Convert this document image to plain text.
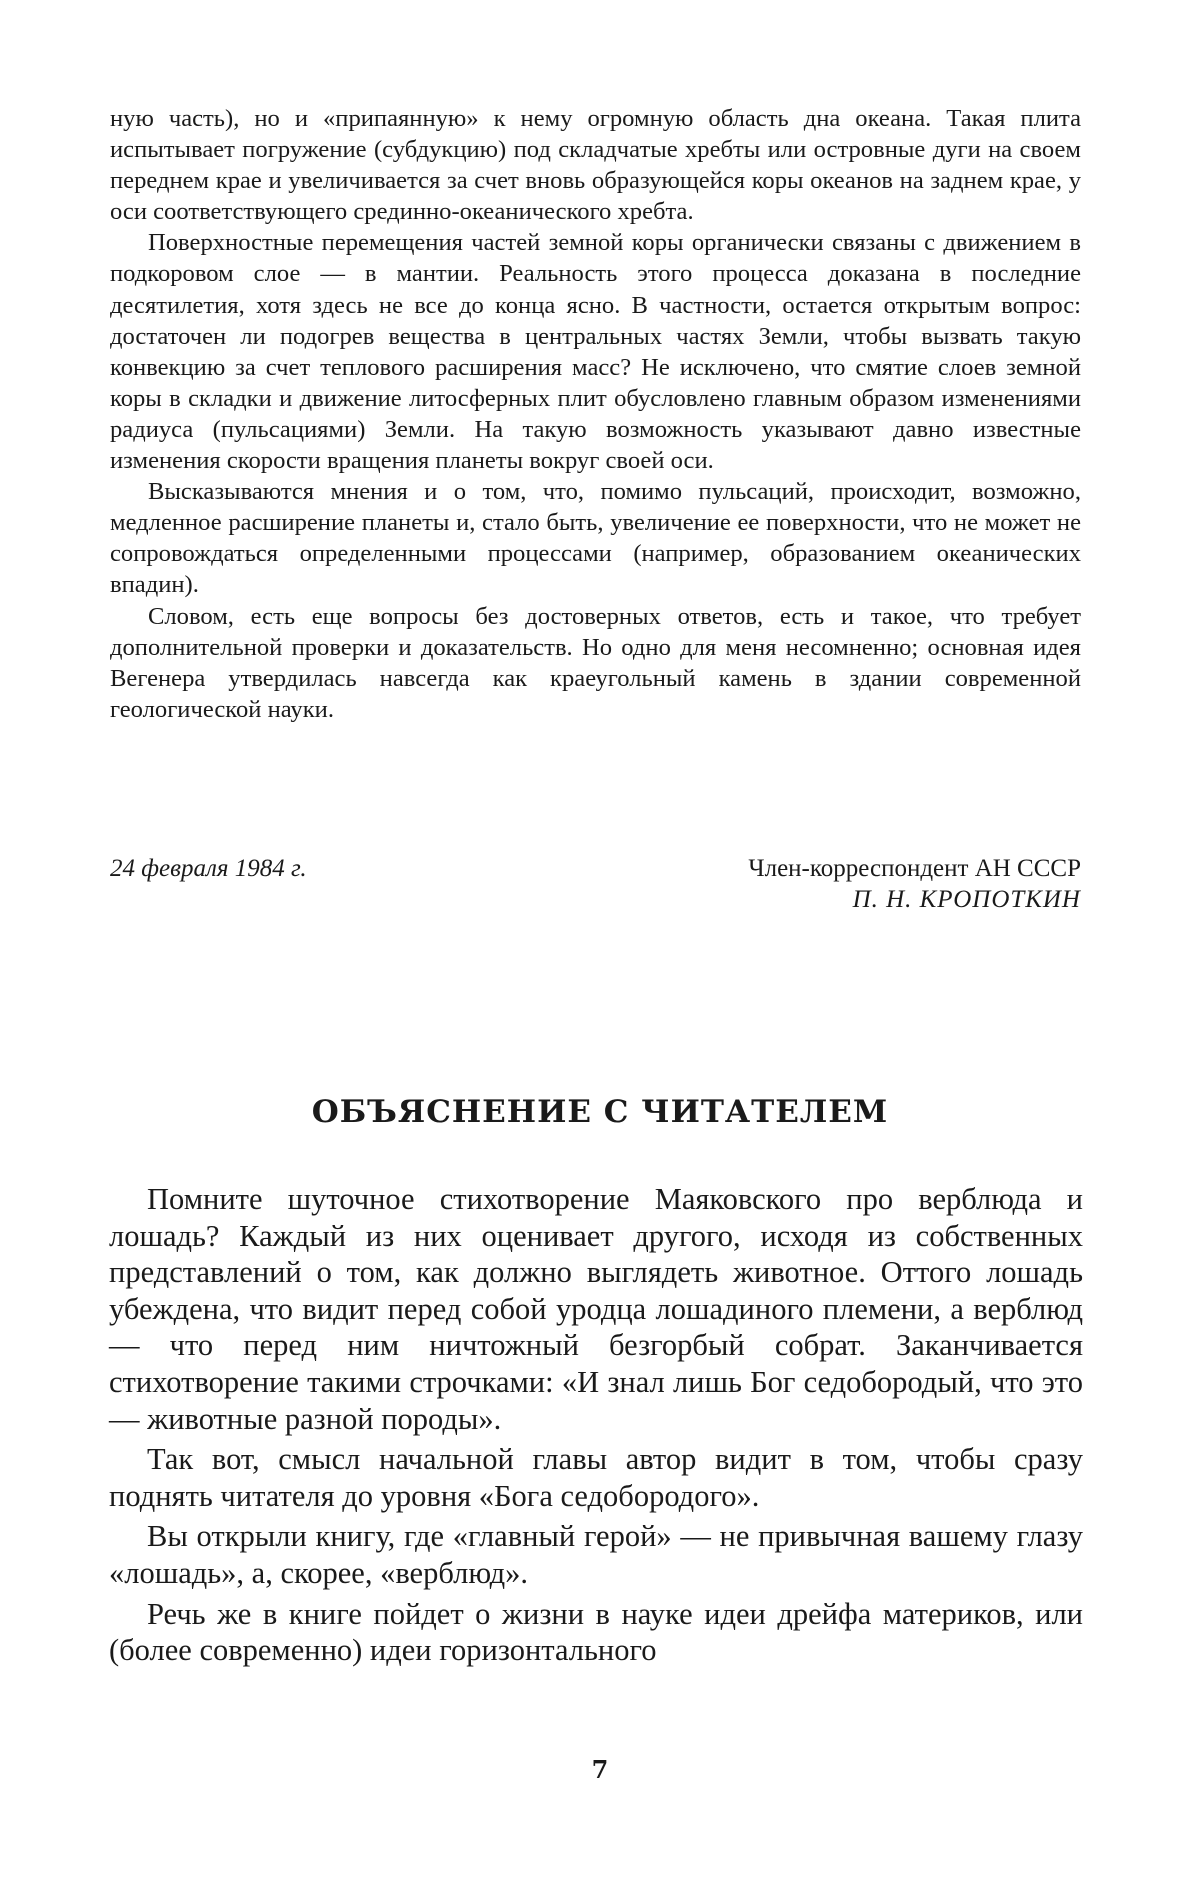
ную часть), но и «припаянную» к нему огромную область дна океана. Такая плита испытывает погружение (субдукцию) под складчатые хребты или островные дуги на своем переднем крае и увеличивается за счет вновь образующейся коры океанов на заднем крае, у оси соответствующего срединно-океанического хребта.

Поверхностные перемещения частей земной коры органически связаны с движением в подкоровом слое — в мантии. Реальность этого процесса доказана в последние десятилетия, хотя здесь не все до конца ясно. В частности, остается открытым вопрос: достаточен ли подогрев вещества в центральных частях Земли, чтобы вызвать такую конвекцию за счет теплового расширения масс? Не исключено, что смятие слоев земной коры в складки и движение литосферных плит обусловлено главным образом изменениями радиуса (пульсациями) Земли. На такую возможность указывают давно известные изменения скорости вращения планеты вокруг своей оси.

Высказываются мнения и о том, что, помимо пульсаций, происходит, возможно, медленное расширение планеты и, стало быть, увеличение ее поверхности, что не может не сопровождаться определенными процессами (например, образованием океанических впадин).

Словом, есть еще вопросы без достоверных ответов, есть и такое, что требует дополнительной проверки и доказательств. Но одно для меня несомненно; основная идея Вегенера утвердилась навсегда как краеугольный камень в здании современной геологической науки.

24 февраля 1984 г.	Член-корреспондент АН СССР
П. Н. КРОПОТКИН
ОБЪЯСНЕНИЕ С ЧИТАТЕЛЕМ

Помните шуточное стихотворение Маяковского про верблюда и лошадь? Каждый из них оценивает другого, исходя из собственных представлений о том, как должно выглядеть животное. Оттого лошадь убеждена, что видит перед собой уродца лошадиного племени, а верблюд — что перед ним ничтожный безгорбый собрат. Заканчивается стихотворение такими строчками: «И знал лишь Бог седобородый, что это — животные разной породы».

Так вот, смысл начальной главы автор видит в том, чтобы сразу поднять читателя до уровня «Бога седобородого».

Вы открыли книгу, где «главный герой» — не привычная вашему глазу «лошадь», а, скорее, «верблюд».

Речь же в книге пойдет о жизни в науке идеи дрейфа материков, или (более современно) идеи горизонтального

7
